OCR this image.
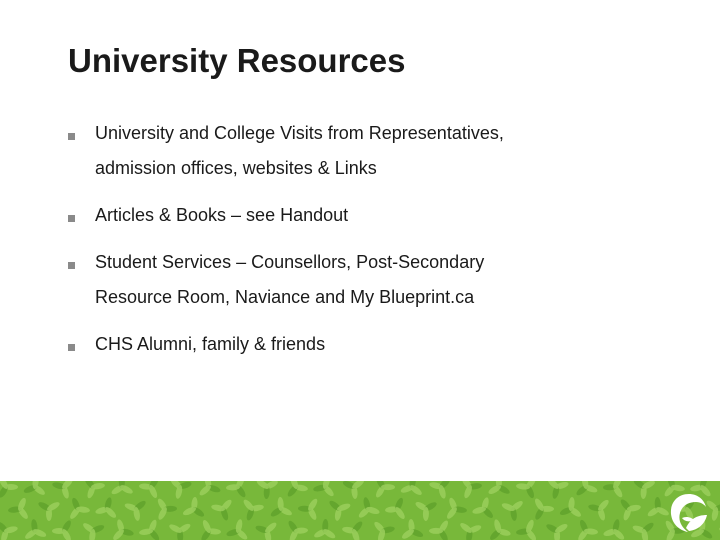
University Resources
University and College Visits from Representatives,
admission offices, websites & Links
Articles & Books – see Handout
Student Services – Counsellors, Post-Secondary
Resource Room, Naviance and My Blueprint.ca
CHS Alumni, family & friends
